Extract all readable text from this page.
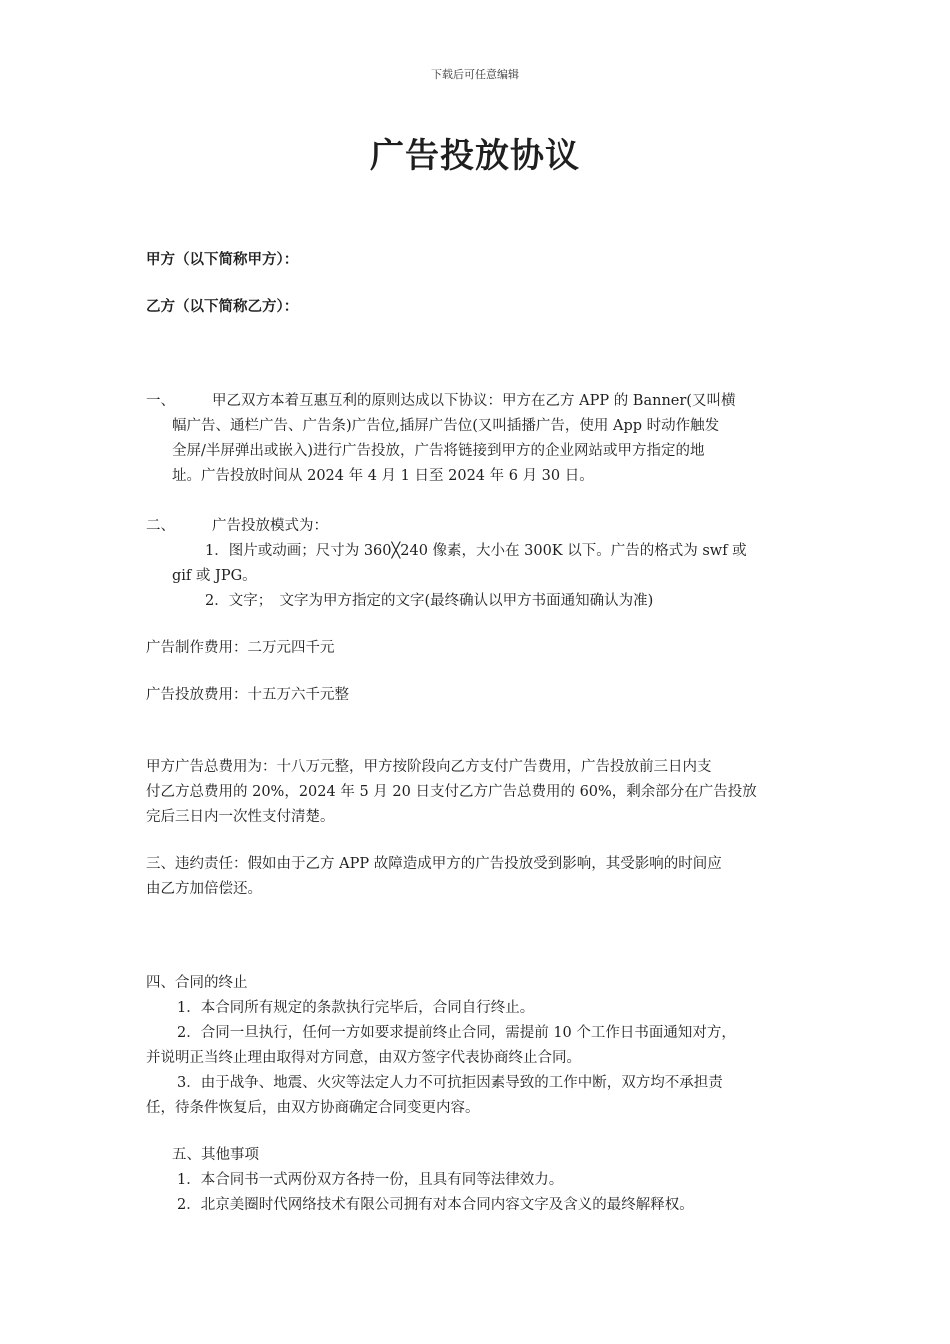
下载后可任意编辑
广告投放协议
甲方（以下简称甲方）：
乙方（以下简称乙方）：
一、	甲乙双方本着互惠互利的原则达成以下协议：甲方在乙方 APP 的 Banner(又叫横
幅广告、通栏广告、广告条)广告位,插屏广告位(又叫插播广告，使用 App 时动作触发
全屏/半屏弹出或嵌入)进行广告投放，广告将链接到甲方的企业网站或甲方指定的地
址。广告投放时间从 2024 年 4 月 1 日至 2024 年 6 月 30 日。
二、	广告投放模式为：
1．图片或动画；尺寸为 360╳240 像素，大小在 300K 以下。广告的格式为 swf 或
gif 或 JPG。
2．文字；　文字为甲方指定的文字(最终确认以甲方书面通知确认为准)
广告制作费用：二万元四千元
广告投放费用：十五万六千元整
甲方广告总费用为：十八万元整，甲方按阶段向乙方支付广告费用，广告投放前三日内支
付乙方总费用的 20%，2024 年 5 月 20 日支付乙方广告总费用的 60%，剩余部分在广告投放
完后三日内一次性支付清楚。
三、违约责任：假如由于乙方 APP 故障造成甲方的广告投放受到影响，其受影响的时间应
由乙方加倍偿还。
四、合同的终止
1．本合同所有规定的条款执行完毕后，合同自行终止。
2．合同一旦执行，任何一方如要求提前终止合同，需提前 10 个工作日书面通知对方，
并说明正当终止理由取得对方同意，由双方签字代表协商终止合同。
3．由于战争、地震、火灾等法定人力不可抗拒因素导致的工作中断，双方均不承担责
任，待条件恢复后，由双方协商确定合同变更内容。
五、其他事项
1．本合同书一式两份双方各持一份，且具有同等法律效力。
2．北京美圈时代网络技术有限公司拥有对本合同内容文字及含义的最终解释权。
